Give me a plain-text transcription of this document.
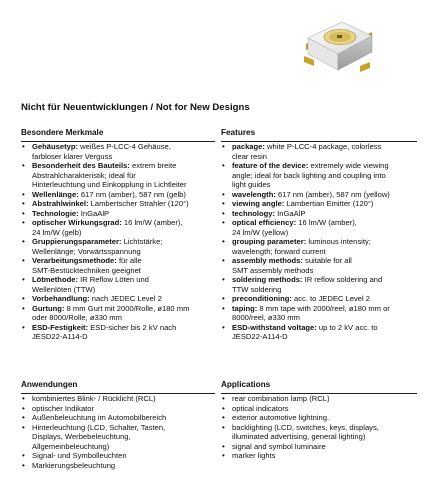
Nicht für Neuentwicklungen / Not for New Designs
Besondere Merkmale
• Gehäusetyp: weißes P-LCC-4 Gehäuse,
farbloser klarer Verguss
• Besonderheit des Bauteils: extrem breite
Abstrahlcharakteristik; ideal für
Hinterleuchtung und Einkopplung in Lichtleiter
• Wellenlänge: 617 nm (amber), 587 nm (gelb)
• Abstrahlwinkel: Lambertscher Strahler (120°)
• Technologie: InGaAlP
• optischer Wirkungsgrad: 16 lm/W (amber),
24 lm/W (gelb)
• Gruppierungsparameter: Lichtstärke;
Wellenlänge; Vorwärtsspannung
• Verarbeitungsmethode: für alle
SMT-Bestücktechniken geeignet
• Lötmethode: IR Reflow Löten und
Wellenlöten (TTW)
• Vorbehandlung: nach JEDEC Level 2
• Gurtung: 8 mm Gurt mit 2000/Rolle, ø180 mm
oder 8000/Rolle, ø330 mm
• ESD-Festigkeit: ESD-sicher bis 2 kV nach
JESD22-A114-D
Features
• package: white P-LCC-4 package, colorless
clear resin
• feature of the device: extremely wide viewing
angle; ideal for back lighting and coupling into
light guides
• wavelength: 617 nm (amber), 587 nm (yellow)
• viewing angle: Lambertian Emitter (120°)
• technology: InGaAlP
• optical efficiency: 16 lm/W (amber),
24 lm/W (yellow)
• grouping parameter: luminous intensity;
wavelength; forward current
• assembly methods: suitable for all
SMT assembly methods
• soldering methods: IR reflow soldering and
TTW soldering
• preconditioning: acc. to JEDEC Level 2
• taping: 8 mm tape with 2000/reel, ø180 mm or
8000/reel, ø330 mm
• ESD-withstand voltage: up to 2 kV acc. to
JESD22-A114-D
Anwendungen
• kombiniertes Blink- / Rücklicht (RCL)
• optischer Indikator
• Außenbeleuchtung im Automobilbereich
• Hinterleuchtung (LCD, Schalter, Tasten,
Displays, Werbebeleuchtung,
Allgemeinbeleuchtung)
• Signal- und Symbolleuchten
• Markierungsbeleuchtung
Applications
• rear combination lamp (RCL)
• optical indicators
• exterior automotive lightning.
• backlighting (LCD, switches, keys, displays,
illuminated advertising, general lighting)
• signal and symbol luminaire
• marker lights
